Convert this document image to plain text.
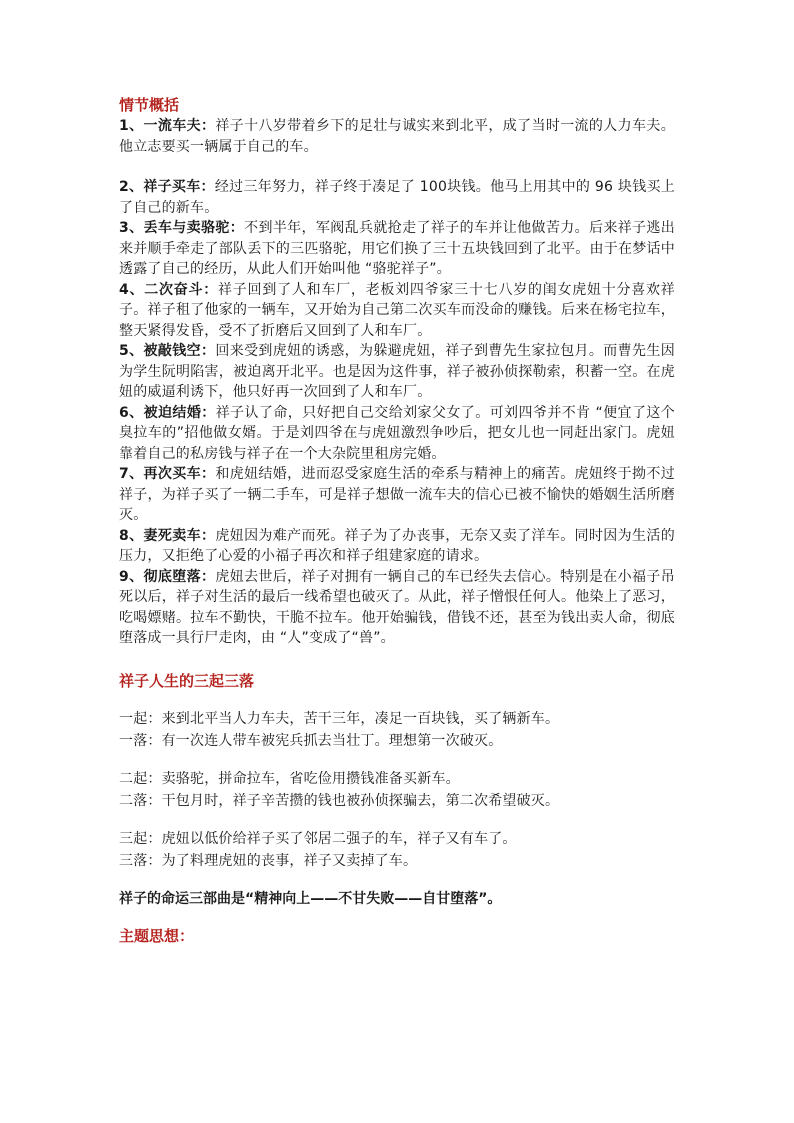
情节概括

1、一流车夫：祥子十八岁带着乡下的足壮与诚实来到北平，成了当时一流的人力车夫。他立志要买一辆属于自己的车。

2、祥子买车：经过三年努力，祥子终于凑足了 100块钱。他马上用其中的 96 块钱买上了自己的新车。

3、丢车与卖骆驼：不到半年，军阀乱兵就抢走了祥子的车并让他做苦力。后来祥子逃出来并顺手牵走了部队丢下的三匹骆驼，用它们换了三十五块钱回到了北平。由于在梦话中透露了自己的经历，从此人们开始叫他 “骆驼祥子”。

4、二次奋斗：祥子回到了人和车厂，老板刘四爷家三十七八岁的闺女虎妞十分喜欢祥子。祥子租了他家的一辆车，又开始为自己第二次买车而没命的赚钱。后来在杨宅拉车，整天紧得发昏，受不了折磨后又回到了人和车厂。

5、被敲钱空：回来受到虎妞的诱惑，为躲避虎妞，祥子到曹先生家拉包月。而曹先生因为学生阮明陷害，被迫离开北平。也是因为这件事，祥子被孙侦探勒索，积蓄一空。在虎妞的威逼利诱下，他只好再一次回到了人和车厂。

6、被迫结婚：祥子认了命，只好把自己交给刘家父女了。可刘四爷并不肯 “便宜了这个臭拉车的”招他做女婿。于是刘四爷在与虎妞激烈争吵后，把女儿也一同赶出家门。虎妞靠着自己的私房钱与祥子在一个大杂院里租房完婚。

7、再次买车：和虎妞结婚，进而忍受家庭生活的牵系与精神上的痛苦。虎妞终于拗不过祥子，为祥子买了一辆二手车，可是祥子想做一流车夫的信心已被不愉快的婚姻生活所磨灭。

8、妻死卖车：虎妞因为难产而死。祥子为了办丧事，无奈又卖了洋车。同时因为生活的压力，又拒绝了心爱的小福子再次和祥子组建家庭的请求。

9、彻底堕落：虎妞去世后，祥子对拥有一辆自己的车已经失去信心。特别是在小福子吊死以后，祥子对生活的最后一线希望也破灭了。从此，祥子憎恨任何人。他染上了恶习，吃喝嫖赌。拉车不勤快，干脆不拉车。他开始骗钱，借钱不还，甚至为钱出卖人命，彻底堕落成一具行尸走肉，由 “人”变成了“兽”。

祥子人生的三起三落

一起：来到北平当人力车夫，苦干三年，凑足一百块钱，买了辆新车。

一落：有一次连人带车被宪兵抓去当壮丁。理想第一次破灭。

二起：卖骆驼，拼命拉车，省吃俭用攒钱准备买新车。

二落：干包月时，祥子辛苦攒的钱也被孙侦探骗去，第二次希望破灭。

三起：虎妞以低价给祥子买了邻居二强子的车，祥子又有车了。

三落：为了料理虎妞的丧事，祥子又卖掉了车。

祥子的命运三部曲是“精神向上——不甘失败——自甘堕落”。

主题思想：
